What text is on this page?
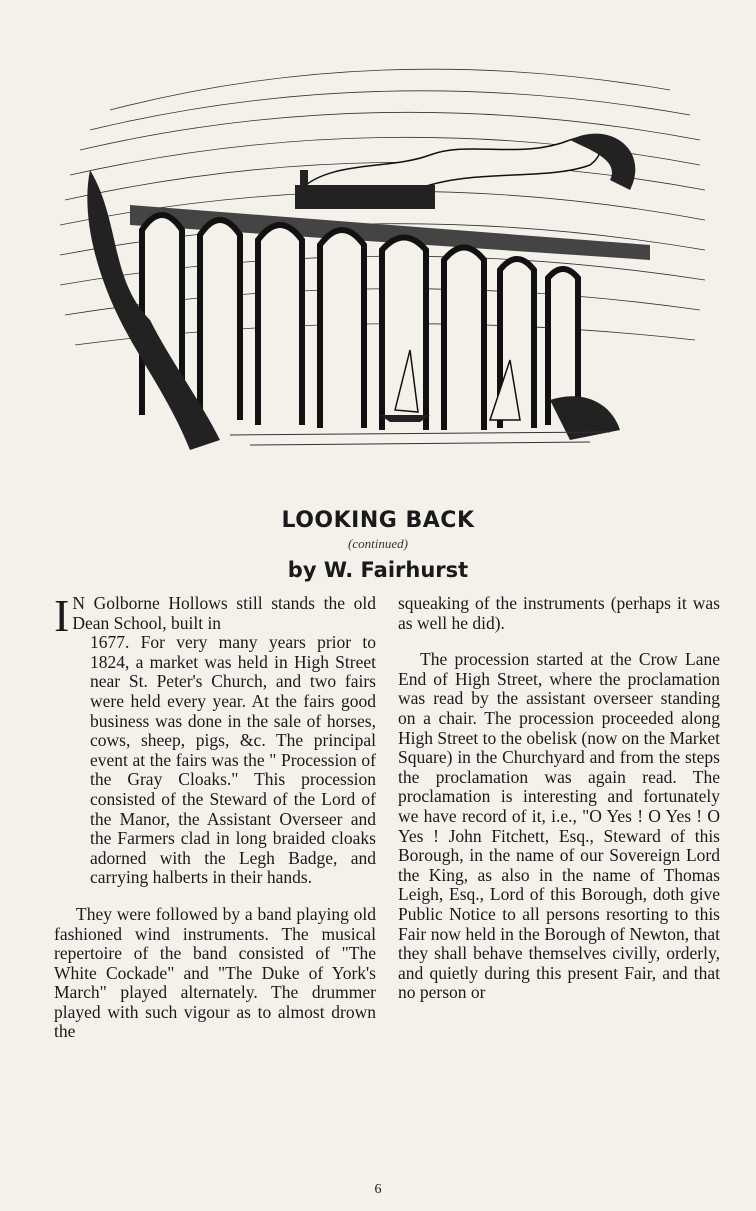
LOOKING BACK
(continued)
by W. Fairhurst

I N Golborne Hollows still stands the old Dean School, built in
1677. For very many years prior to 1824, a market was held in High Street near St. Peter's Church, and two fairs were held every year. At the fairs good business was done in the sale of horses, cows, sheep, pigs, &c. The principal event at the fairs was the " Procession of the Gray Cloaks." This procession consisted of the Steward of the Lord of the Manor, the Assistant Overseer and the Farmers clad in long braided cloaks adorned with the Legh Badge, and carrying halberts in their hands.

They were followed by a band playing old fashioned wind instruments. The musical repertoire of the band consisted of "The White Cockade" and "The Duke of York's March" played alternately. The drummer played with such vigour as to almost drown the

squeaking of the instruments (perhaps it was as well he did).

The procession started at the Crow Lane End of High Street, where the proclamation was read by the assistant overseer standing on a chair. The procession proceeded along High Street to the obelisk (now on the Market Square) in the Churchyard and from the steps the proclamation was again read. The proclamation is interesting and fortunately we have record of it, i.e., "O Yes ! O Yes ! O Yes ! John Fitchett, Esq., Steward of this Borough, in the name of our Sovereign Lord the King, as also in the name of Thomas Leigh, Esq., Lord of this Borough, doth give Public Notice to all persons resorting to this Fair now held in the Borough of Newton, that they shall behave themselves civilly, orderly, and quietly during this present Fair, and that no person or

6
